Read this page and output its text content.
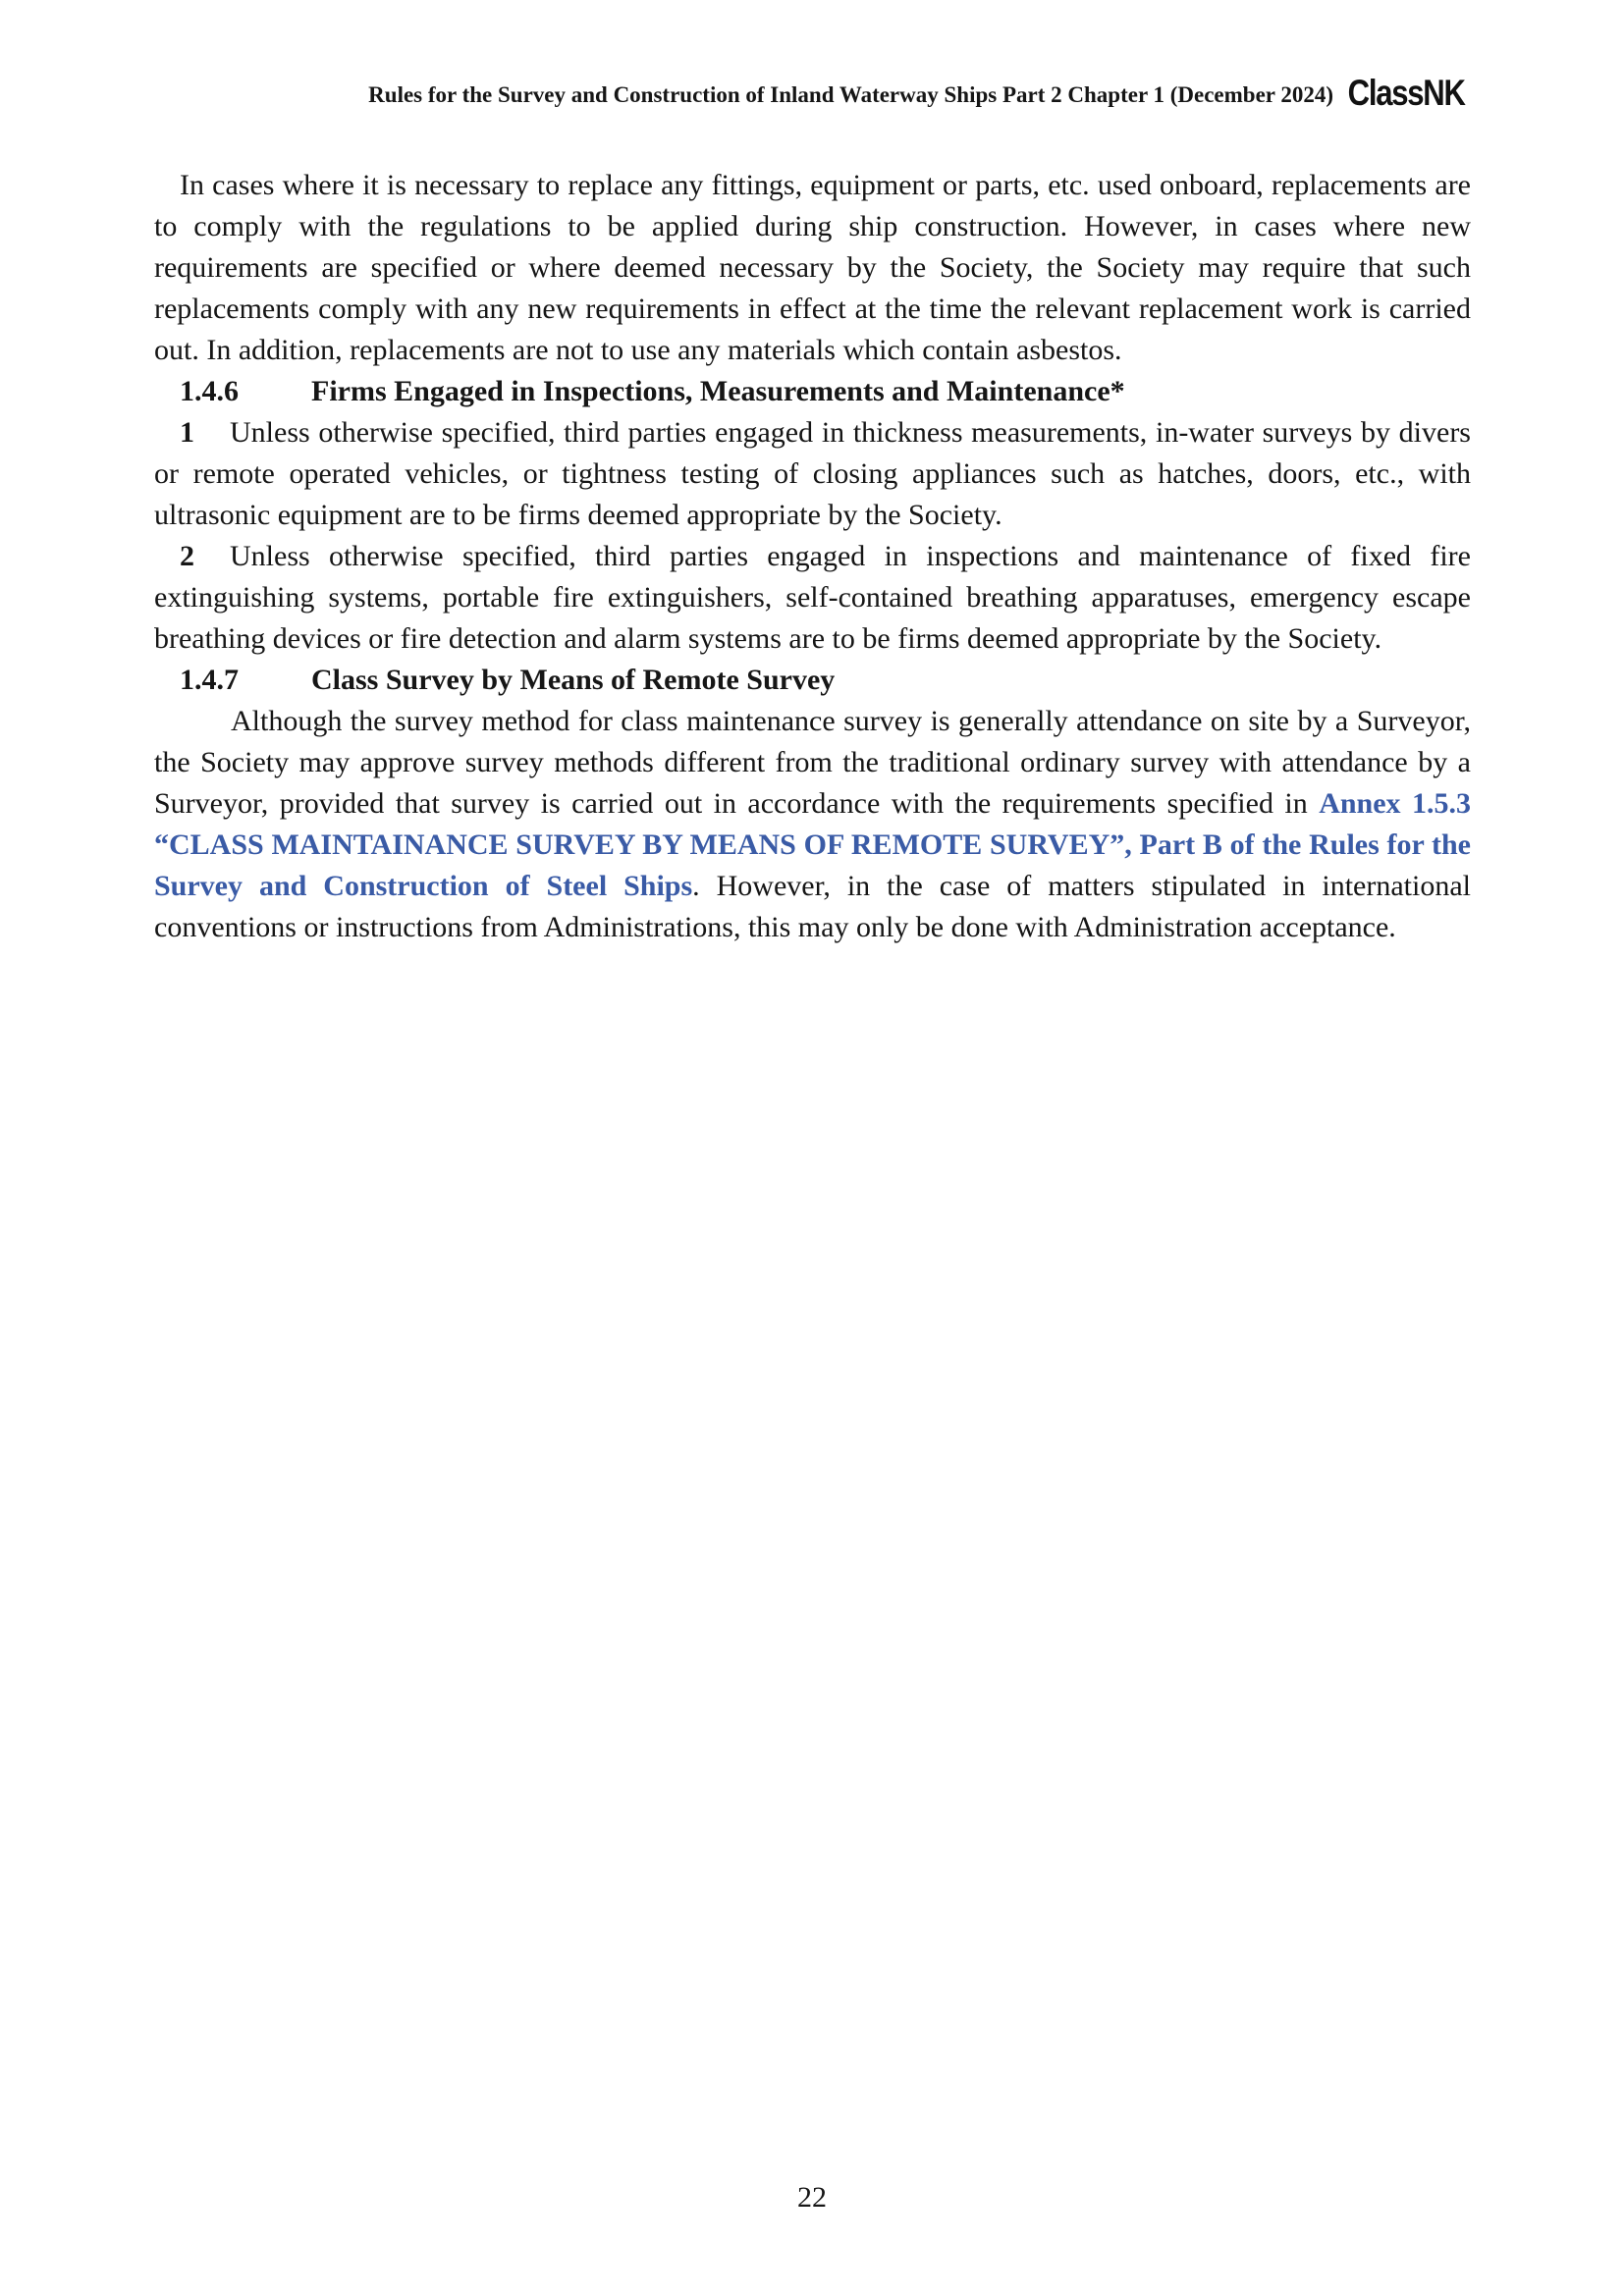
Rules for the Survey and Construction of Inland Waterway Ships Part 2 Chapter 1 (December 2024) ClassNK

In cases where it is necessary to replace any fittings, equipment or parts, etc. used onboard, replacements are to comply with the regulations to be applied during ship construction. However, in cases where new requirements are specified or where deemed necessary by the Society, the Society may require that such replacements comply with any new requirements in effect at the time the relevant replacement work is carried out. In addition, replacements are not to use any materials which contain asbestos.

1.4.6 Firms Engaged in Inspections, Measurements and Maintenance*

1 Unless otherwise specified, third parties engaged in thickness measurements, in-water surveys by divers or remote operated vehicles, or tightness testing of closing appliances such as hatches, doors, etc., with ultrasonic equipment are to be firms deemed appropriate by the Society.

2 Unless otherwise specified, third parties engaged in inspections and maintenance of fixed fire extinguishing systems, portable fire extinguishers, self-contained breathing apparatuses, emergency escape breathing devices or fire detection and alarm systems are to be firms deemed appropriate by the Society.

1.4.7 Class Survey by Means of Remote Survey

Although the survey method for class maintenance survey is generally attendance on site by a Surveyor, the Society may approve survey methods different from the traditional ordinary survey with attendance by a Surveyor, provided that survey is carried out in accordance with the requirements specified in Annex 1.5.3 “CLASS MAINTAINANCE SURVEY BY MEANS OF REMOTE SURVEY”, Part B of the Rules for the Survey and Construction of Steel Ships. However, in the case of matters stipulated in international conventions or instructions from Administrations, this may only be done with Administration acceptance.

22
